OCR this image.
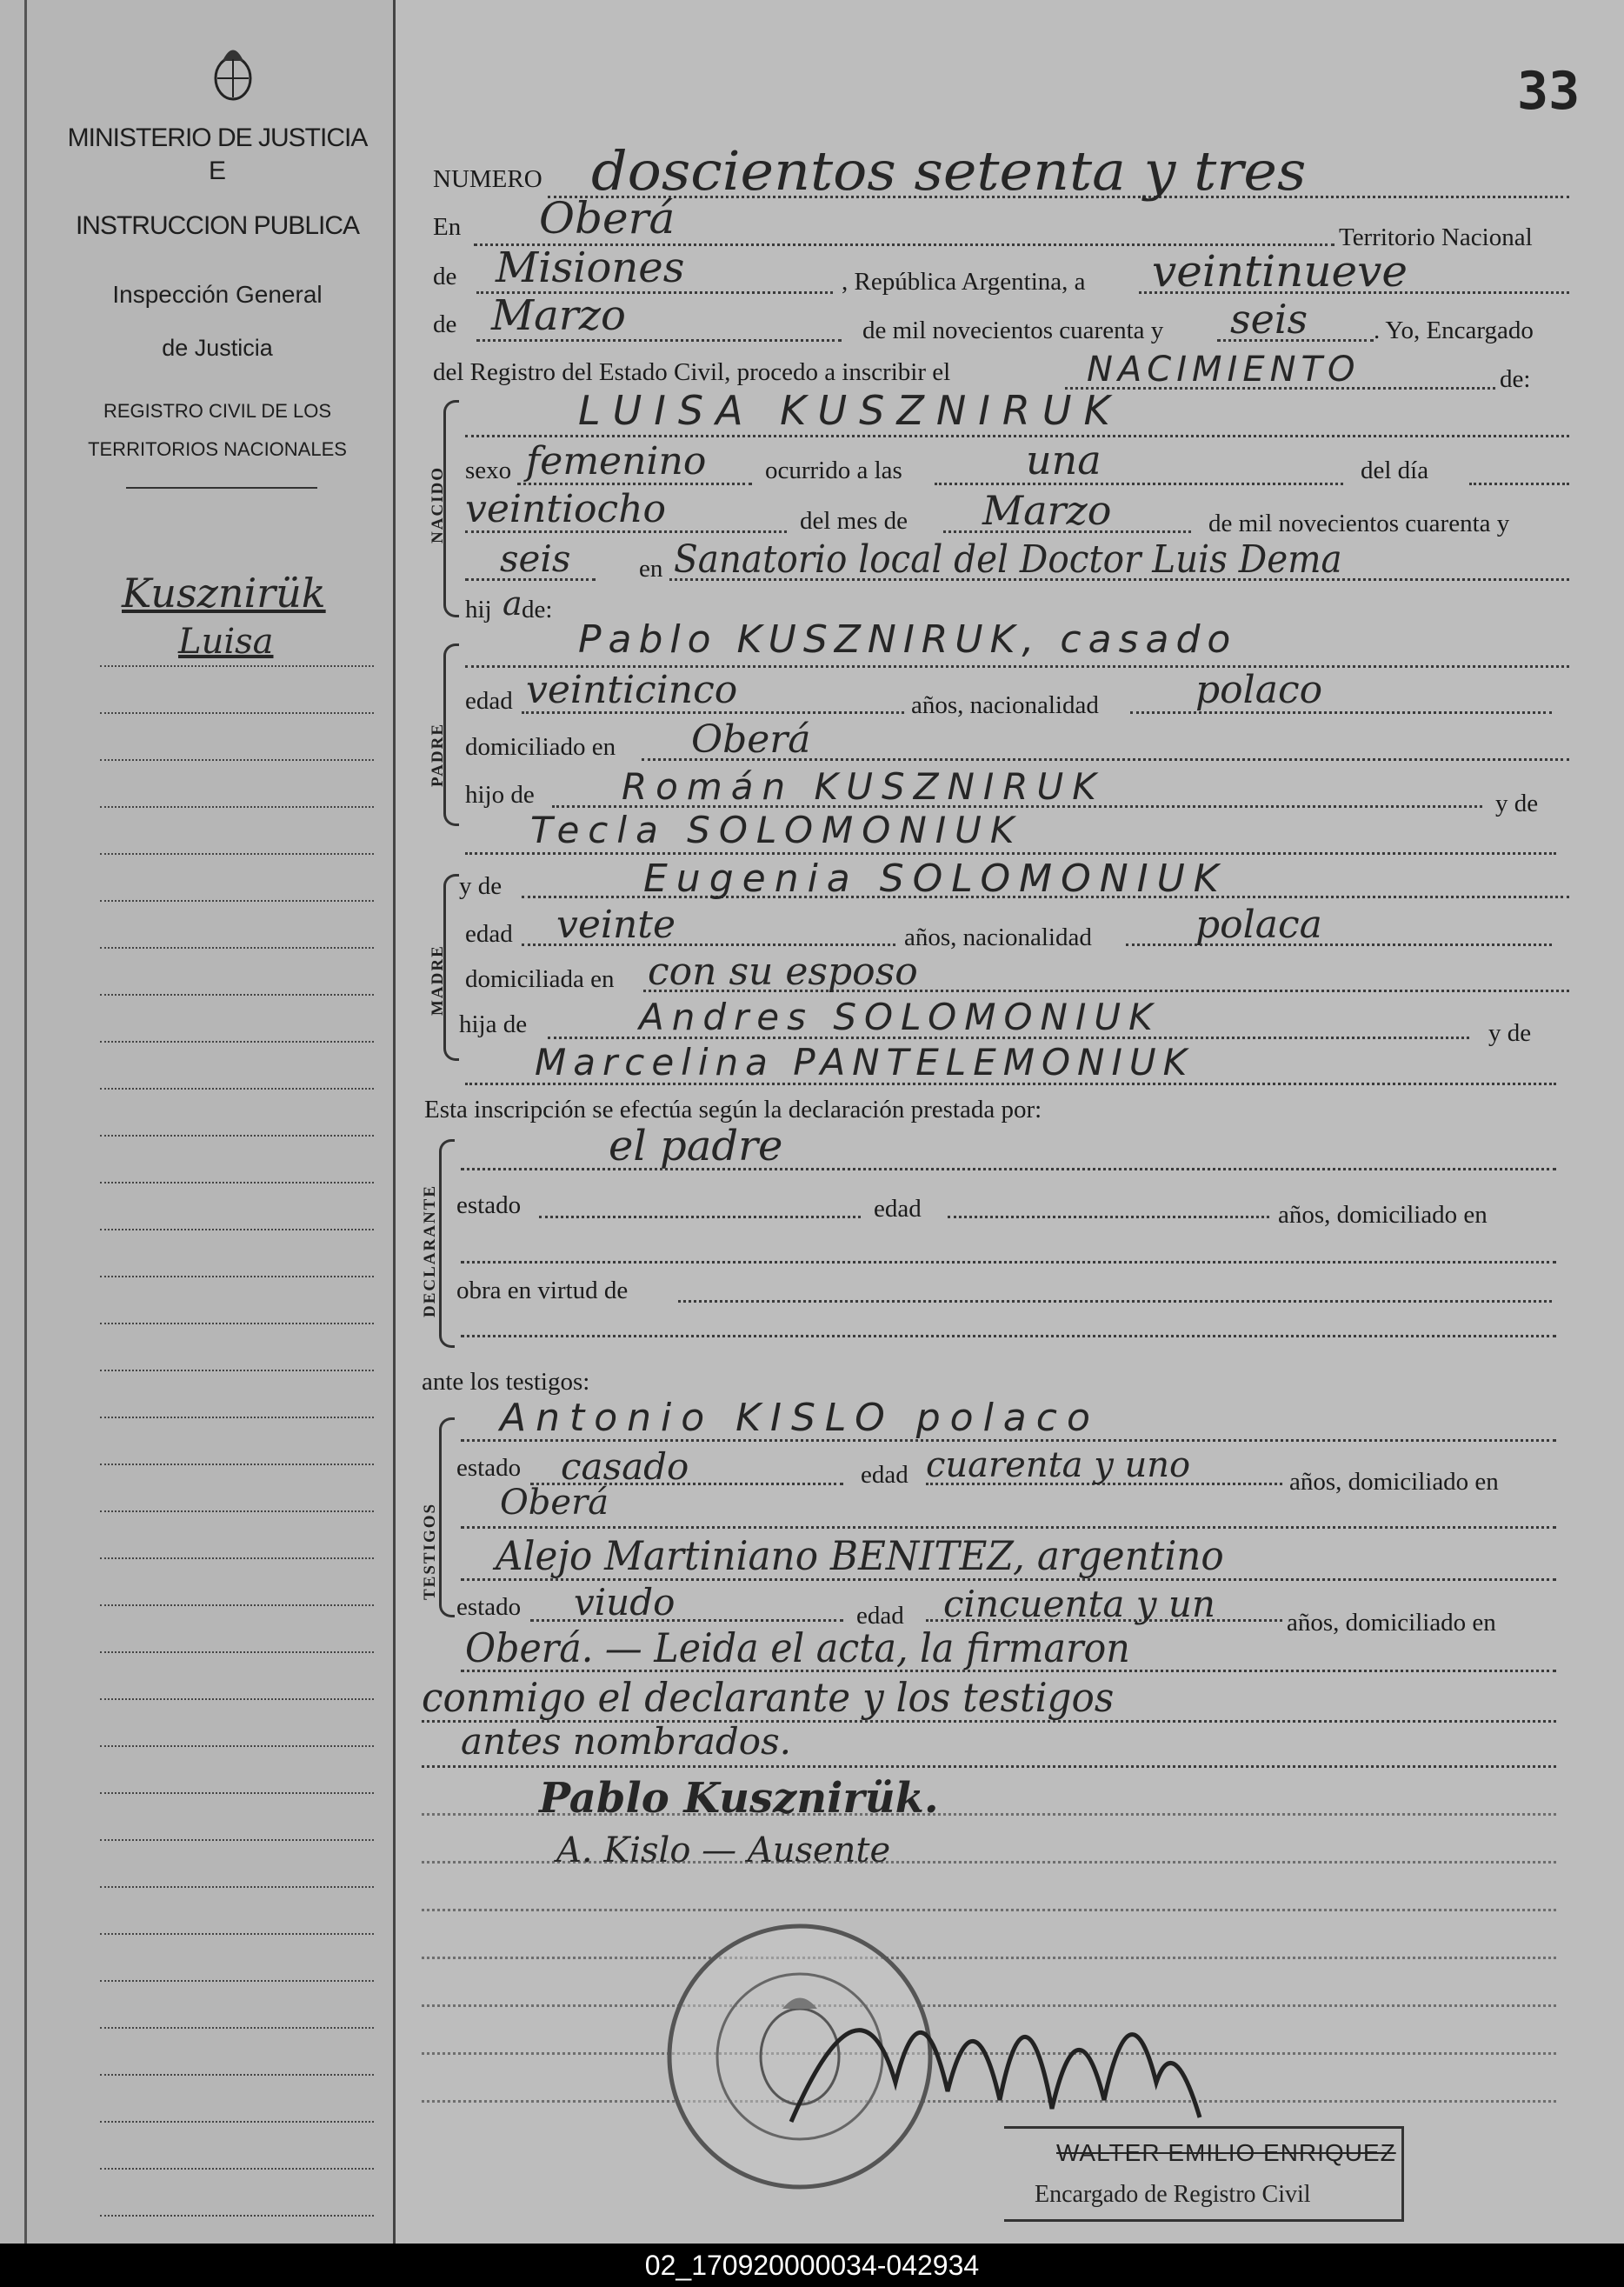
MINISTERIO DE JUSTICIA
E
INSTRUCCION PUBLICA
Inspección General
de Justicia
REGISTRO CIVIL DE LOS
TERRITORIOS NACIONALES
Kusznirük
Luisa
33
NUMERO doscientos setenta y tres
En Oberá	Territorio Nacional
de Misiones	, República Argentina, a veintinueve
de Marzo	de mil novecientos cuarenta y seis	. Yo, Encargado
del Registro del Estado Civil, procedo a inscribir el	NACIMIENTO	de:
NACIDO
LUISA KUSZNIRUK
sexo femenino ocurrido a las	una	del día
veintiocho	del mes de Marzo	de mil novecientos cuarenta y
seis	en Sanatorio local del Doctor Luis Dema
hij a de:
PADRE
Pablo KUSZNIRUK, casado
edad veinticinco	años, nacionalidad	polaco
domiciliado en Oberá
hijo de Román KUSZNIRUK	y de
Tecla SOLOMONIUK
MADRE
y de	Eugenia SOLOMONIUK
edad veinte	años, nacionalidad	polaca
domiciliada en con su esposo
hija de	Andres SOLOMONIUK	y de
Marcelina PANTELEMONIUK
Esta inscripción se efectúa según la declaración prestada por:
DECLARANTE
el padre
estado	edad	años, domiciliado en
obra en virtud de
ante los testigos:
TESTIGOS
Antonio KISLO polaco
estado casado	edad cuarenta y uno	años, domiciliado en
Oberá
Alejo Martiniano BENITEZ, argentino
estado viudo	edad cincuenta y un	años, domiciliado en
Oberá. — Leida el acta, la firmaron
conmigo el declarante y los testigos
antes nombrados.
Pablo Kusznirük.
A. Kislo — Ausente
WALTER EMILIO ENRIQUEZ
Encargado de Registro Civil
02_170920000034-042934
